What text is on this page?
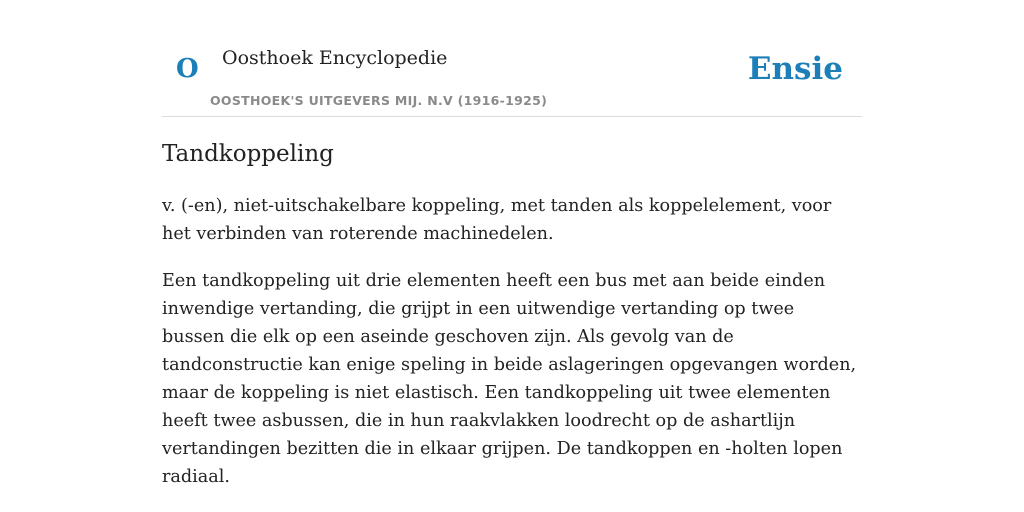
O Oosthoek Encyclopedie
OOSTHOEK'S UITGEVERS MIJ. N.V (1916-1925)
Ensie
Tandkoppeling

v. (-en), niet-uitschakelbare koppeling, met tanden als koppelelement, voor het verbinden van roterende machinedelen.

Een tandkoppeling uit drie elementen heeft een bus met aan beide einden inwendige vertanding, die grijpt in een uitwendige vertanding op twee bussen die elk op een aseinde geschoven zijn. Als gevolg van de tandconstructie kan enige speling in beide aslageringen opgevangen worden, maar de koppeling is niet elastisch. Een tandkoppeling uit twee elementen heeft twee asbussen, die in hun raakvlakken loodrecht op de ashartlijn vertandingen bezitten die in elkaar grijpen. De tandkoppen en -holten lopen radiaal.
